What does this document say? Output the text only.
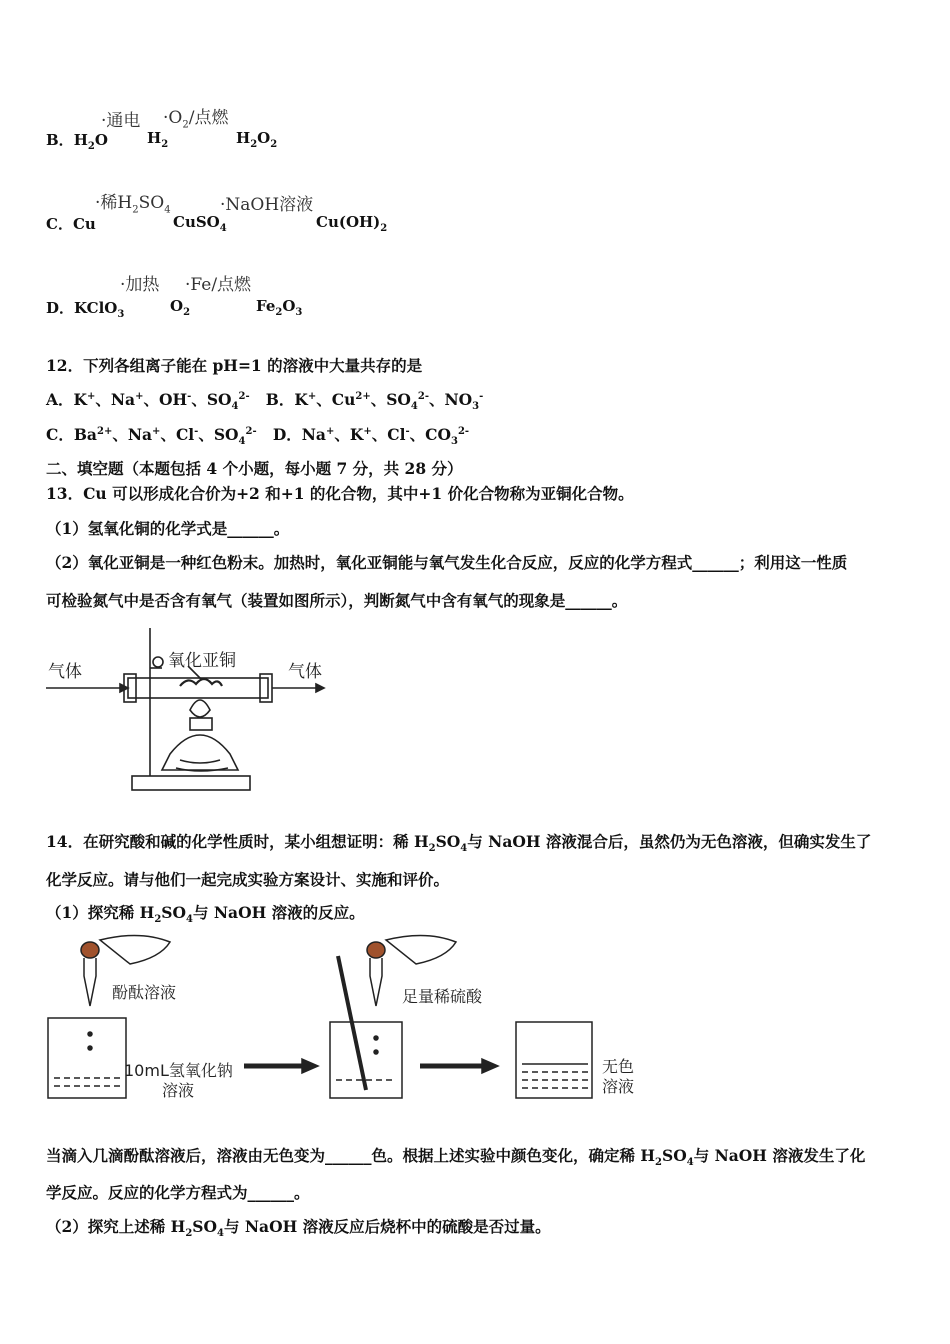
·通电 $\cdot O_2/$点燃
B．$H_2O$	$H_2$	$H_2O_2$
·稀$H_2SO_4$	·NaOH溶液
C．Cu	CuSO$_4$	$Cu(OH)_2$
·加热 ·Fe/点燃
D．KClO$_3$	$O_2$	$Fe_2O_3$
12．下列各组离子能在 pH=1 的溶液中大量共存的是
A．K+、Na+、OH-、$SO_4^{2-}$ B．K+、$Cu^{2+}$、$SO_4^{2-}$、$NO_3^-$
C．$Ba^{2+}$、Na+、Cl-、$SO_4^{2-}$ D．Na+、K+、Cl-、$CO_3^{2-}$
二、填空题（本题包括 4 个小题，每小题 7 分，共 28 分）
13．Cu 可以形成化合价为+2 和+1 的化合物，其中+1 价化合物称为亚铜化合物。
（1）氢氧化铜的化学式是______。
（2）氧化亚铜是一种红色粉末。加热时，氧化亚铜能与氧气发生化合反应，反应的化学方程式______；利用这一性质
可检验氮气中是否含有氧气（装置如图所示），判断氮气中含有氧气的现象是______。
气体	气体
氧化亚铜
14．在研究酸和碱的化学性质时，某小组想证明：稀 $H_2SO_4$与 NaOH 溶液混合后，虽然仍为无色溶液，但确实发生了
化学反应。请与他们一起完成实验方案设计、实施和评价。
（1）探究稀 $H_2SO_4$与 NaOH 溶液的反应。
酚酞溶液	足量稀硫酸
10mL氢氧化钠
溶液
无色
溶液
当滴入几滴酚酞溶液后，溶液由无色变为______色。根据上述实验中颜色变化，确定稀 $H_2SO_4$与 NaOH 溶液发生了化
学反应。反应的化学方程式为______。
（2）探究上述稀 $H_2SO_4$与 NaOH 溶液反应后烧杯中的硫酸是否过量。
